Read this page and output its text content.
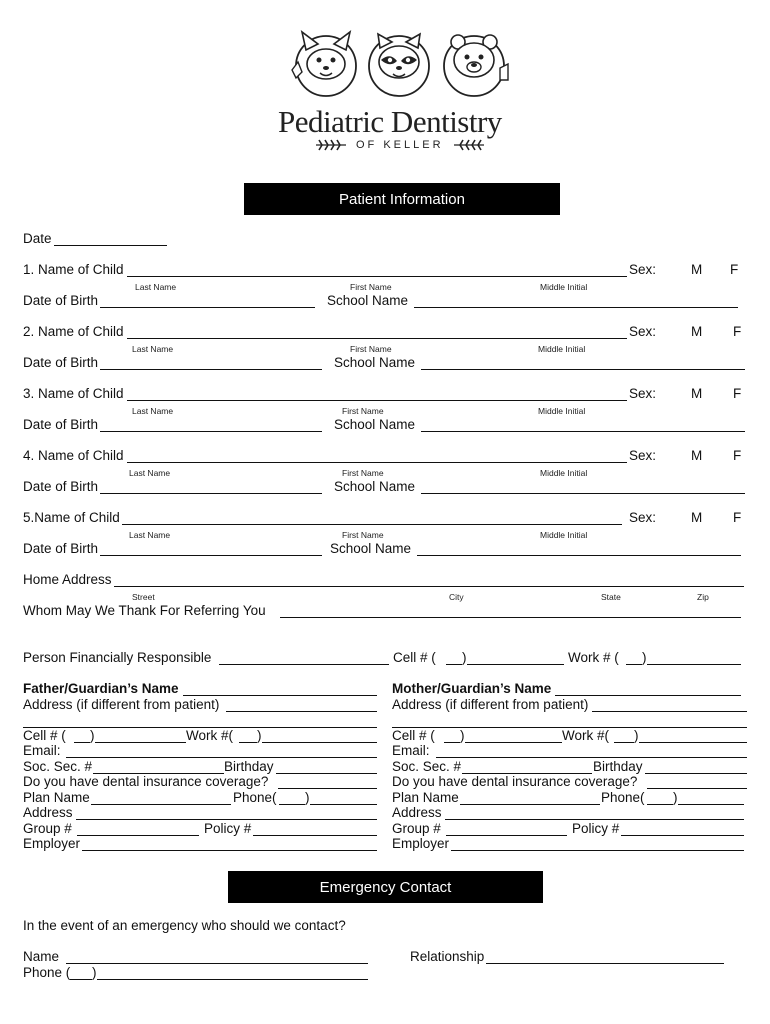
Pediatric Dentistry
OF KELLER
Patient Information
Date
1. Name of Child	Sex:	M F
Last Name	First Name	Middle Initial
Date of Birth	School Name
2. Name of Child	Sex:	M F
Last Name	First Name	Middle Initial
Date of Birth	School Name
3. Name of Child	Sex:	M F
Last Name	First Name	Middle Initial
Date of Birth	School Name
4. Name of Child	Sex:	M F
Last Name	First Name	Middle Initial
Date of Birth	School Name
5.Name of Child	Sex:	M F
Last Name	First Name	Middle Initial
Date of Birth	School Name
Home Address
Street	City	State	Zip
Whom May We Thank For Referring You
Person Financially Responsible	Cell # ( )	Work # ( )
Father/Guardian’s Name
Address (if different from patient)
Cell # ( )	Work #( )
Email:
Soc. Sec. #	Birthday
Do you have dental insurance coverage?
Plan Name	Phone( )
Address
Group #	Policy #
Employer
Mother/Guardian’s Name
Address (if different from patient)
Cell # ( )	Work #( )
Email:
Soc. Sec. #	Birthday
Do you have dental insurance coverage?
Plan Name	Phone( )
Address
Group #	Policy #
Employer
Emergency Contact
In the event of an emergency who should we contact?
Name	Relationship
Phone ( )
